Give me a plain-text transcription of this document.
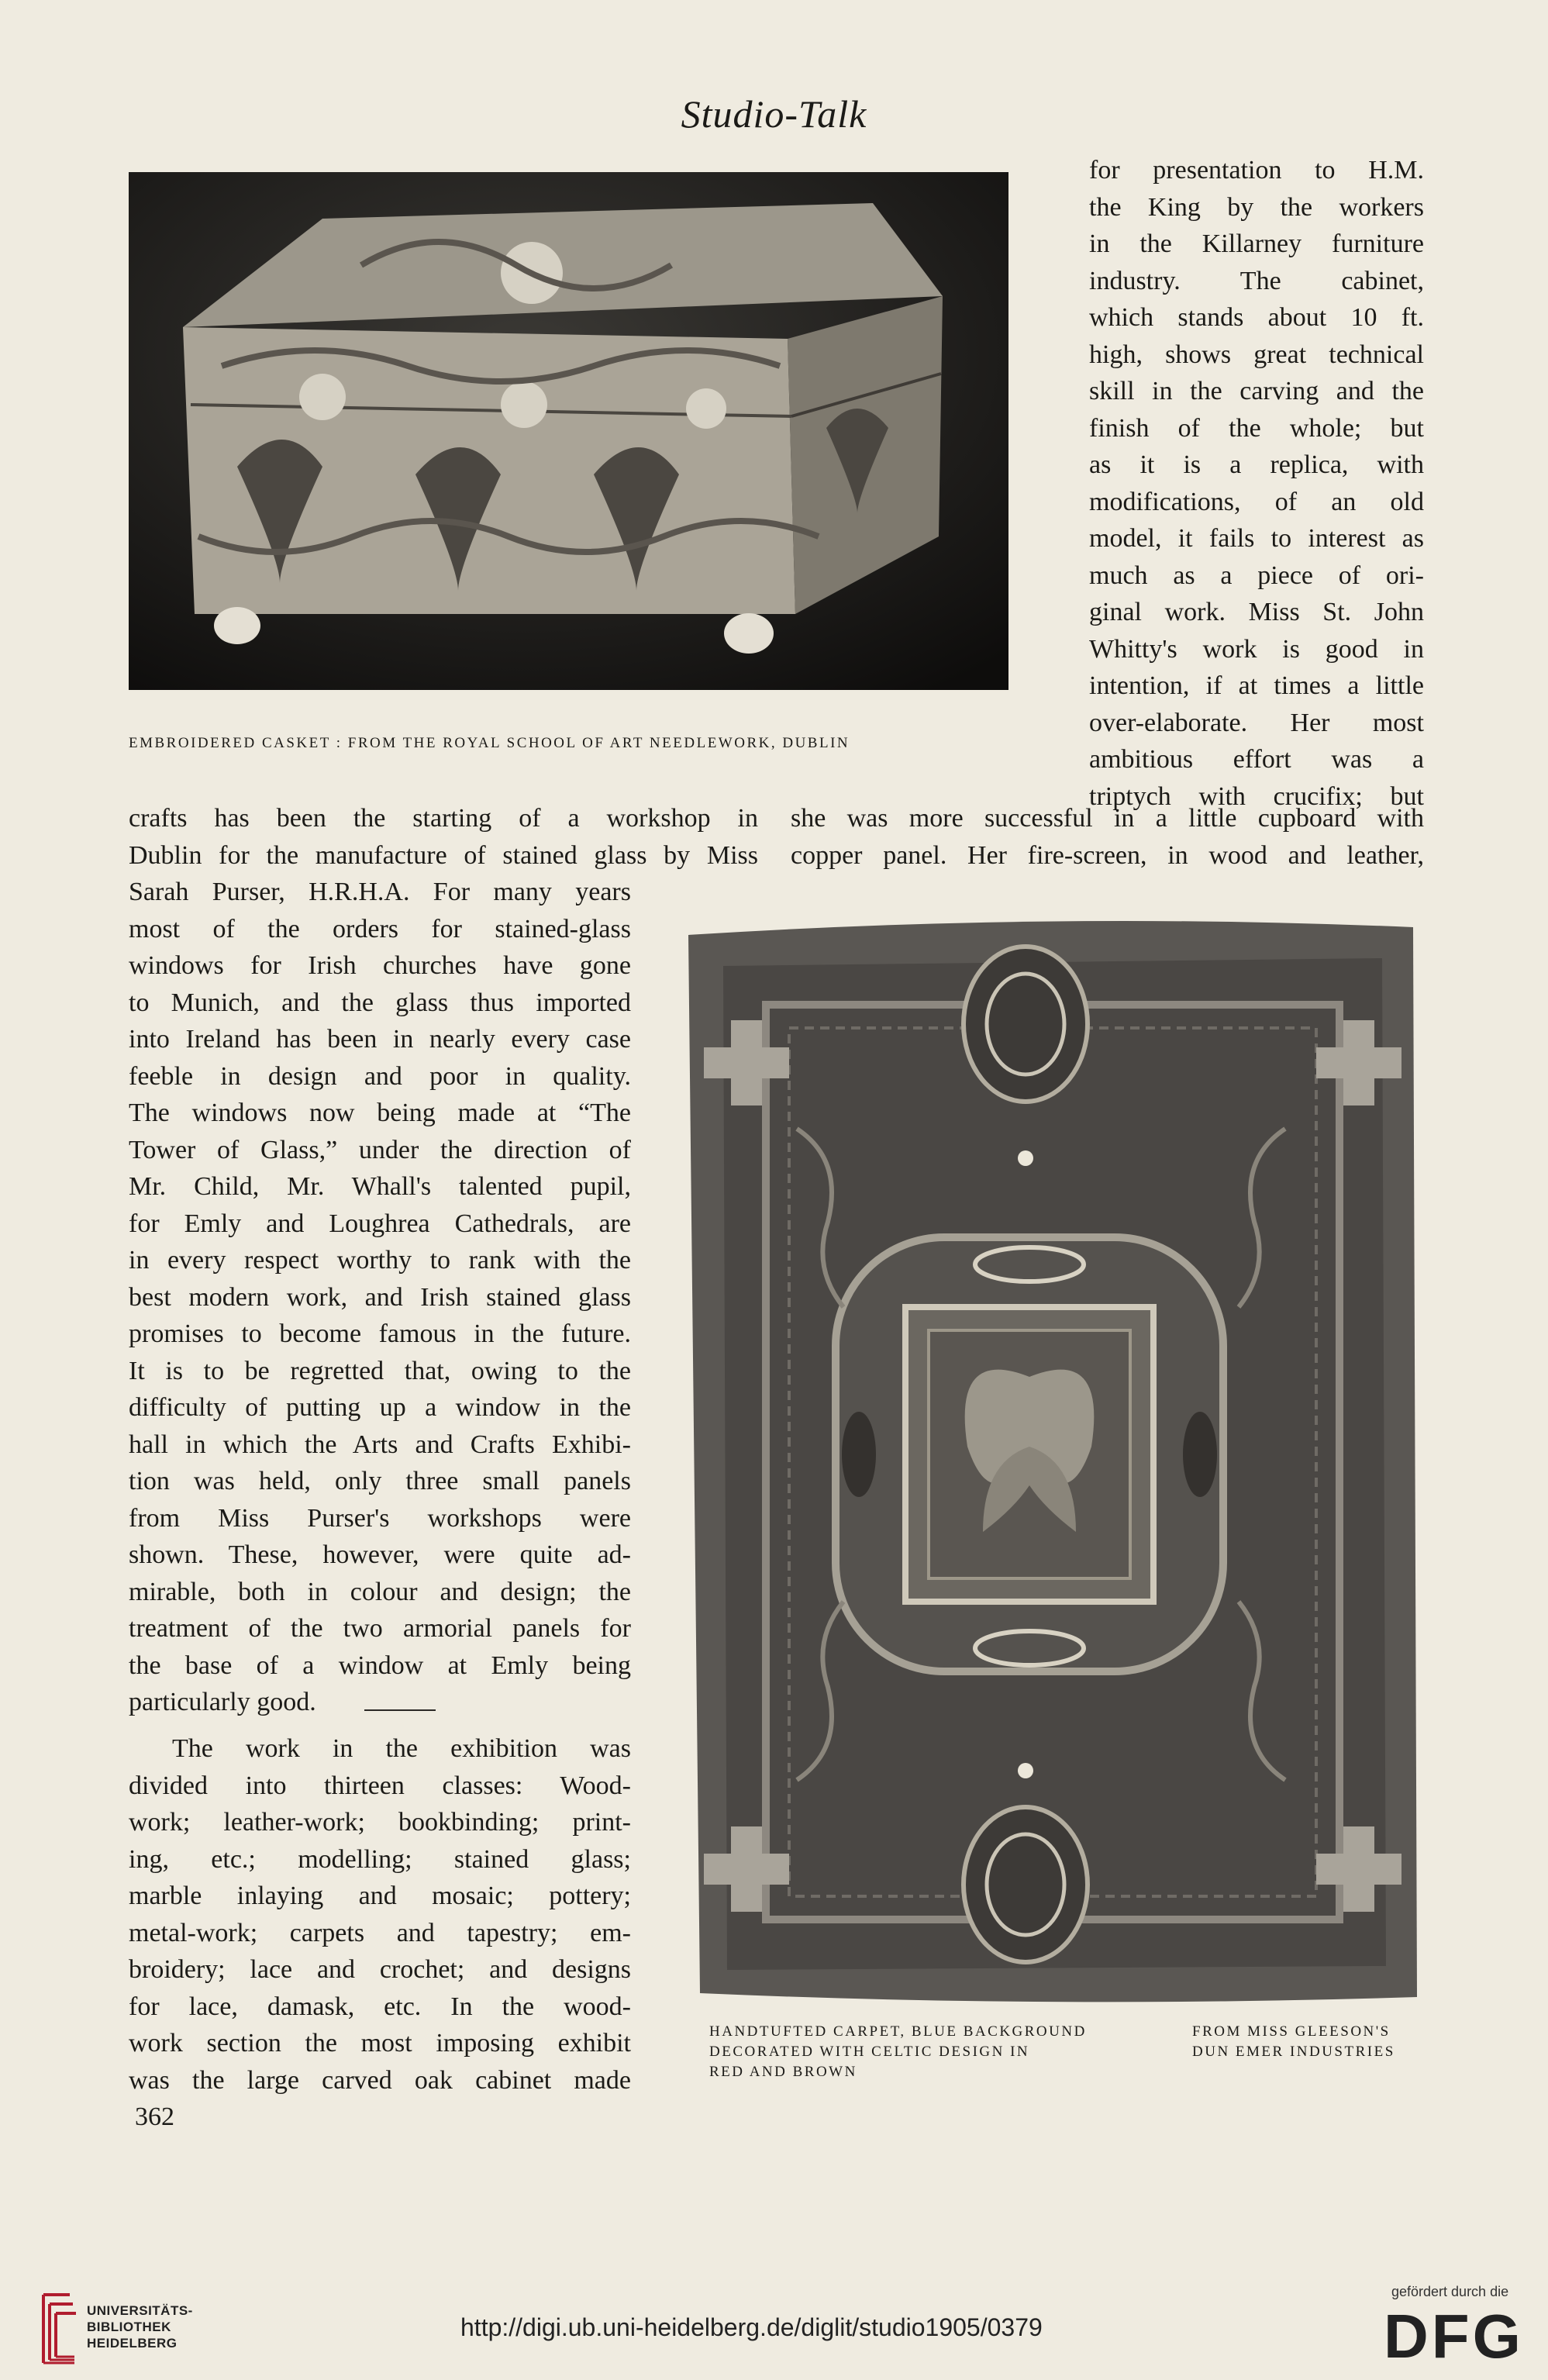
Studio-Talk
EMBROIDERED CASKET : FROM THE ROYAL SCHOOL OF ART NEEDLEWORK, DUBLIN
for presentation to H.M.
the King by the workers
in the Killarney furniture
industry. The cabinet,
which stands about 10 ft.
high, shows great technical
skill in the carving and the
finish of the whole; but
as it is a replica, with
modifications, of an old
model, it fails to interest as
much as a piece of ori-
ginal work. Miss St. John
Whitty's work is good in
intention, if at times a little
over-elaborate. Her most
ambitious effort was a
triptych with crucifix; but
crafts has been the starting of a workshop in
Dublin for the manufacture of stained glass by Miss
she was more successful in a little cupboard with
copper panel. Her fire-screen, in wood and leather,
Sarah Purser, H.R.H.A. For many years
most of the orders for stained-glass
windows for Irish churches have gone
to Munich, and the glass thus imported
into Ireland has been in nearly every case
feeble in design and poor in quality.
The windows now being made at “The
Tower of Glass,” under the direction of
Mr. Child, Mr. Whall's talented pupil,
for Emly and Loughrea Cathedrals, are
in every respect worthy to rank with the
best modern work, and Irish stained glass
promises to become famous in the future.
It is to be regretted that, owing to the
difficulty of putting up a window in the
hall in which the Arts and Crafts Exhibi-
tion was held, only three small panels
from Miss Purser's workshops were
shown. These, however, were quite ad-
mirable, both in colour and design; the
treatment of the two armorial panels for
the base of a window at Emly being
particularly good.
The work in the exhibition was
divided into thirteen classes: Wood-
work; leather-work; bookbinding; print-
ing, etc.; modelling; stained glass;
marble inlaying and mosaic; pottery;
metal-work; carpets and tapestry; em-
broidery; lace and crochet; and designs
for lace, damask, etc. In the wood-
work section the most imposing exhibit
was the large carved oak cabinet made
362
HANDTUFTED CARPET, BLUE BACKGROUND
DECORATED WITH CELTIC DESIGN IN
RED AND BROWN
FROM MISS GLEESON'S
DUN EMER INDUSTRIES
UNIVERSITÄTS-
BIBLIOTHEK
HEIDELBERG
http://digi.ub.uni-heidelberg.de/diglit/studio1905/0379
gefördert durch die
DFG
